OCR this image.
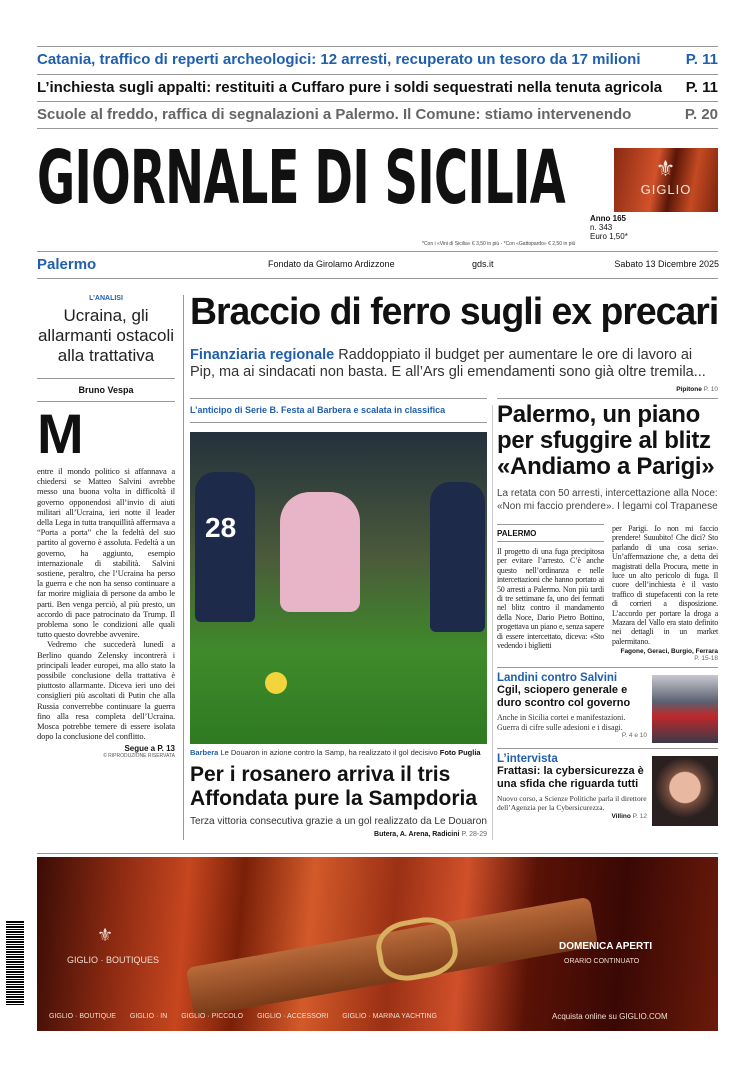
Catania, traffico di reperti archeologici: 12 arresti, recuperato un tesoro da 17 milioni	P. 11
L’inchiesta sugli appalti: restituiti a Cuffaro pure i soldi sequestrati nella tenuta agricola	P. 11
Scuole al freddo, raffica di segnalazioni a Palermo. Il Comune: stiamo intervenendo	P. 20
GIORNALE DI SICILIA	⚜
GIGLIO
Anno 165
n. 343
Euro 1,50*
*Con i «Vini di Sicilia» € 3,50 in più - *Con «Gattopardo» € 2,50 in più
Palermo	Fondato da Girolamo Ardizzone	gds.it	Sabato 13 Dicembre 2025
L’ANALISI
Ucraina, gli allarmanti ostacoli alla trattativa
Bruno Vespa
M
entre il mondo politico si affannava a chiedersi se Matteo Salvini avrebbe messo una buona volta in difficoltà il governo opponendosi all’invio di aiuti militari all’Ucraina, ieri notte il leader della Lega in tutta tranquillità affermava a “Porta a porta” che la fedeltà del suo partito al governo è assoluta. Fedeltà a un governo, ha aggiunto, esempio internazionale di stabilità. Salvini sostiene, peraltro, che l’Ucraina ha perso la guerra e che non ha senso continuare a far morire migliaia di persone da ambo le parti. Ben venga perciò, al più presto, un accordo di pace patrocinato da Trump. Il problema sono le condizioni alle quali tutto questo dovrebbe avvenire.
Vedremo che succederà lunedì a Berlino quando Zelensky incontrerà i principali leader europei, ma allo stato la possibile conclusione della trattativa è piuttosto allarmante. Diceva ieri uno dei consiglieri più ascoltati di Putin che alla Russia converrebbe continuare la guerra fino alla resa completa dell’Ucraina. Mosca potrebbe temere di essere isolata dopo la conclusione del conflitto.
Segue a P. 13
© RIPRODUZIONE RISERVATA
Braccio di ferro sugli ex precari
Finanziaria regionale Raddoppiato il budget per aumentare le ore di lavoro ai Pip, ma ai sindacati non basta. E all’Ars gli emendamenti sono già oltre tremila...
Pipitone P. 10
L’anticipo di Serie B. Festa al Barbera e scalata in classifica
28
Barbera Le Douaron in azione contro la Samp, ha realizzato il gol decisivo Foto Puglia
Per i rosanero arriva il tris Affondata pure la Sampdoria
Terza vittoria consecutiva grazie a un gol realizzato da Le Douaron
Butera, A. Arena, Radicini P. 28-29
Palermo, un piano per sfuggire al blitz «Andiamo a Parigi»
La retata con 50 arresti, intercettazione alla Noce: «Non mi faccio prendere». I legami col Trapanese
PALERMO
Il progetto di una fuga precipitosa per evitare l’arresto. C’è anche questo nell’ordinanza e nelle intercettazioni che hanno portato ai 50 arresti a Palermo. Non più tardi di tre settimane fa, uno dei fermati nel blitz contro il mandamento della Noce, Dario Pietro Bottino, progettava un piano e, senza sapere di essere intercettato, diceva: «Sto vedendo i biglietti
per Parigi. Io non mi faccio prendere! Suuubito! Che dici? Sto parlando di una cosa seria». Un’affermazione che, a detta dei magistrati della Procura, mette in luce un alto pericolo di fuga. Il cuore dell’inchiesta è il vasto traffico di stupefacenti con la rete di corrieri a disposizione. L’accordo per portare la droga a Mazara del Vallo era stato definito nei dettagli in un market palermitano.
Fagone, Geraci, Burgio, Ferrara
P. 15-18
Landini contro Salvini
Cgil, sciopero generale e duro scontro col governo
Anche in Sicilia cortei e manifestazioni. Guerra di cifre sulle adesioni e i disagi.
P. 4 e 10
L’intervista
Frattasi: la cybersicurezza è una sfida che riguarda tutti
Nuovo corso, a Scienze Politiche parla il direttore dell’Agenzia per la Cybersicurezza.
Villino P. 12
⚜
GIGLIO · BOUTIQUES
DOMENICA APERTI
ORARIO CONTINUATO
GIGLIO · BOUTIQUE GIGLIO · IN GIGLIO · PICCOLO GIGLIO · ACCESSORI GIGLIO · MARINA YACHTING	Acquista online su GIGLIO.COM
